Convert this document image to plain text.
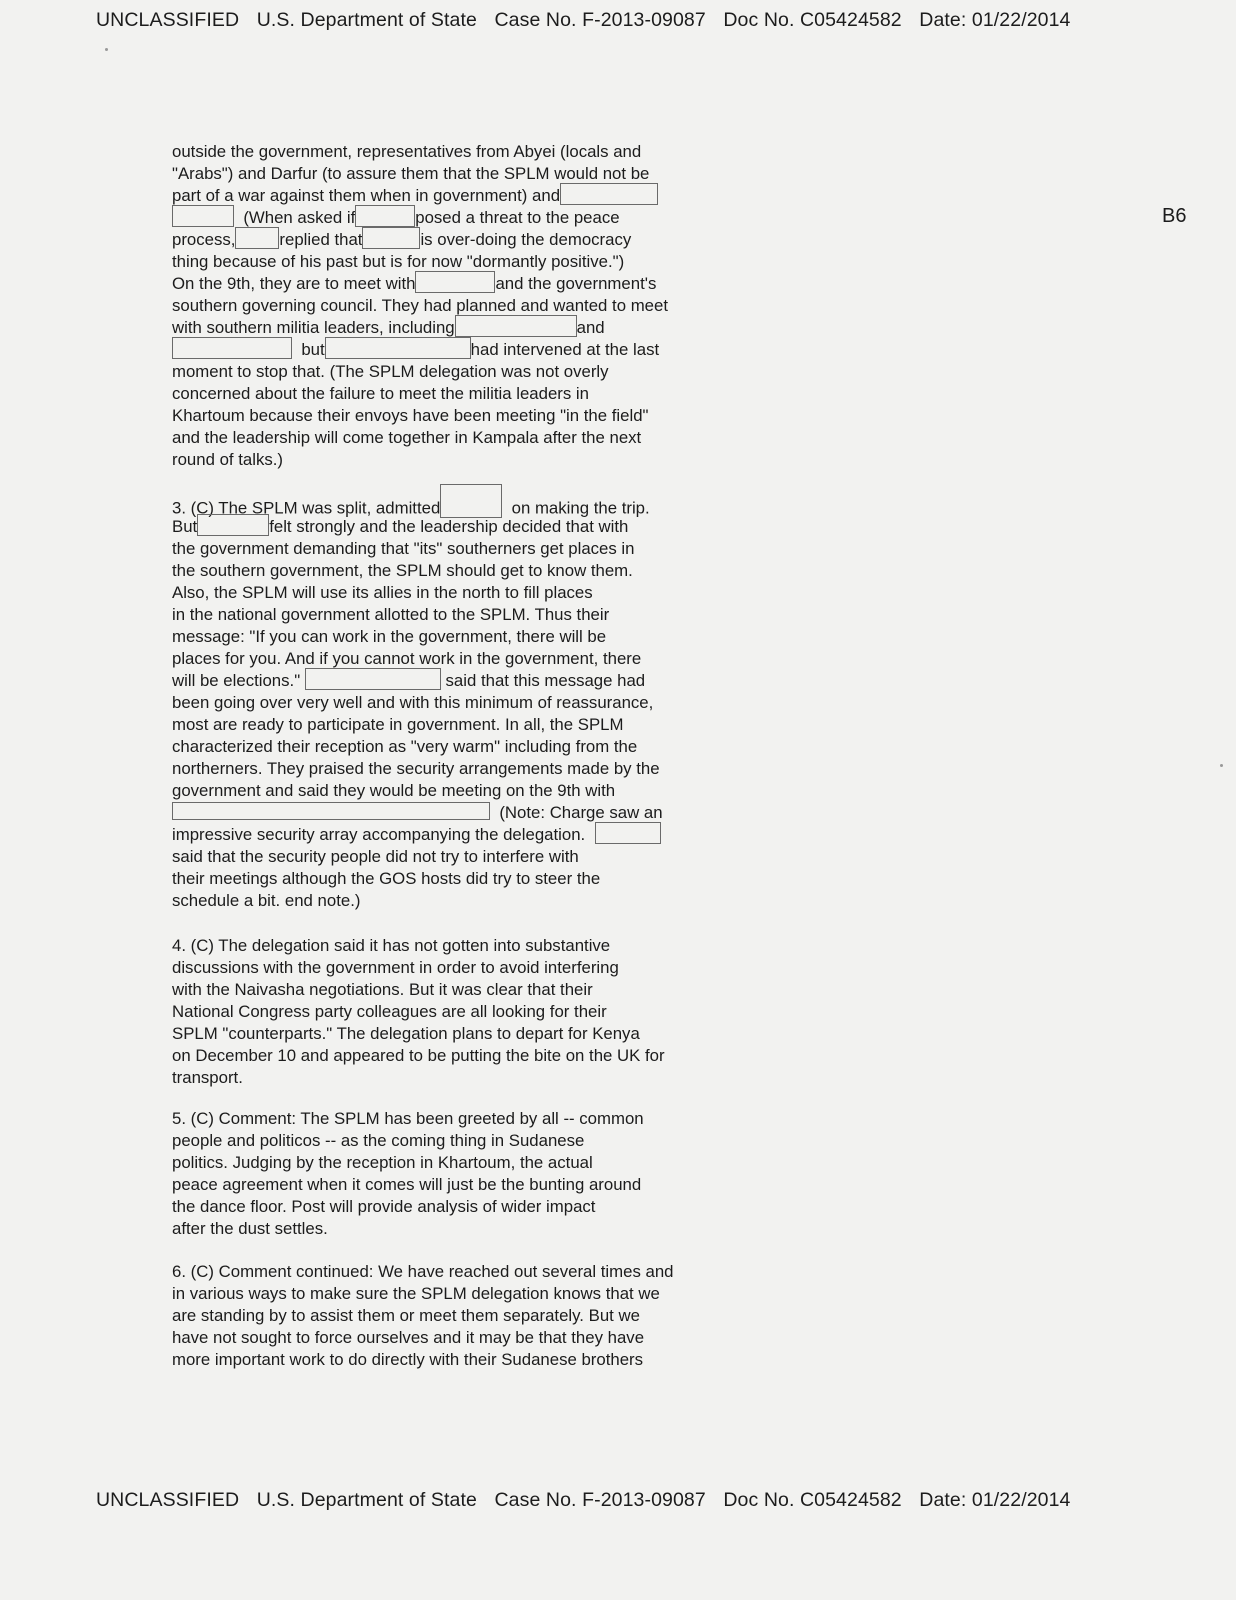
UNCLASSIFIED U.S. Department of State Case No. F-2013-09087 Doc No. C05424582 Date: 01/22/2014
B6
outside the government, representatives from Abyei (locals and
"Arabs") and Darfur (to assure them that the SPLM would not be
part of a war against them when in government) and
(When asked if	posed a threat to the peace
process,	replied that	is over-doing the democracy
thing because of his past but is for now "dormantly positive.")
On the 9th, they are to meet with	and the government's
southern governing council. They had planned and wanted to meet
with southern militia leaders, including	and
but	had intervened at the last
moment to stop that. (The SPLM delegation was not overly
concerned about the failure to meet the militia leaders in
Khartoum because their envoys have been meeting "in the field"
and the leadership will come together in Kampala after the next
round of talks.)
3. (C) The SPLM was split, admitted	on making the trip.
But	felt strongly and the leadership decided that with
the government demanding that "its" southerners get places in
the southern government, the SPLM should get to know them.
Also, the SPLM will use its allies in the north to fill places
in the national government allotted to the SPLM. Thus their
message: "If you can work in the government, there will be
places for you. And if you cannot work in the government, there
will be elections."	said that this message had
been going over very well and with this minimum of reassurance,
most are ready to participate in government. In all, the SPLM
characterized their reception as "very warm" including from the
northerners. They praised the security arrangements made by the
government and said they would be meeting on the 9th with
(Note: Charge saw an
impressive security array accompanying the delegation.
said that the security people did not try to interfere with
their meetings although the GOS hosts did try to steer the
schedule a bit. end note.)
4. (C) The delegation said it has not gotten into substantive
discussions with the government in order to avoid interfering
with the Naivasha negotiations. But it was clear that their
National Congress party colleagues are all looking for their
SPLM "counterparts." The delegation plans to depart for Kenya
on December 10 and appeared to be putting the bite on the UK for
transport.
5. (C) Comment: The SPLM has been greeted by all -- common
people and politicos -- as the coming thing in Sudanese
politics. Judging by the reception in Khartoum, the actual
peace agreement when it comes will just be the bunting around
the dance floor. Post will provide analysis of wider impact
after the dust settles.
6. (C) Comment continued: We have reached out several times and
in various ways to make sure the SPLM delegation knows that we
are standing by to assist them or meet them separately. But we
have not sought to force ourselves and it may be that they have
more important work to do directly with their Sudanese brothers
UNCLASSIFIED U.S. Department of State Case No. F-2013-09087 Doc No. C05424582 Date: 01/22/2014
